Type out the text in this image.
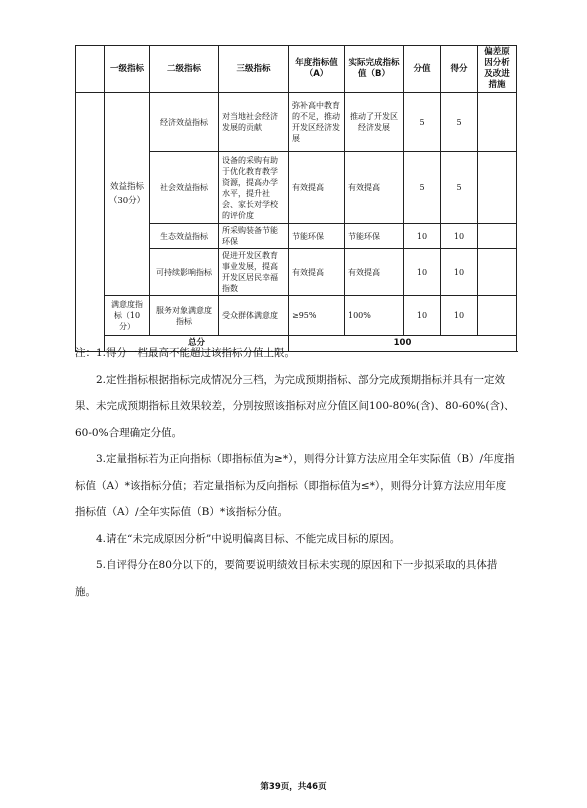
	一级指标	二级指标	三级指标	年度指标值（A）	实际完成指标值（B）	分值	得分	偏差原因分析及改进措施
	效益指标（30分）	经济效益指标	对当地社会经济发展的贡献	弥补高中教育的不足，推动开发区经济发展	推动了开发区经济发展	5	5	
		社会效益指标	设备的采购有助于优化教育教学资源，提高办学水平，提升社会、家长对学校的评价度	有效提高	有效提高	5	5	
		生态效益指标	所采购装备节能环保	节能环保	节能环保	10	10	
		可持续影响指标	促进开发区教育事业发展，提高开发区居民幸福指数	有效提高	有效提高	10	10	
	满意度指标（10分）	服务对象满意度指标	受众群体满意度	≥95%	100%	10	10	
	总分			100				

注：1.得分一档最高不能超过该指标分值上限。

2.定性指标根据指标完成情况分三档，为完成预期指标、部分完成预期指标并具有一定效果、未完成预期指标且效果较差，分别按照该指标对应分值区间100-80%(含)、80-60%(含)、60-0%合理确定分值。

3.定量指标若为正向指标（即指标值为≥*），则得分计算方法应用全年实际值（B）/年度指标值（A）*该指标分值；若定量指标为反向指标（即指标值为≤*），则得分计算方法应用年度指标值（A）/全年实际值（B）*该指标分值。

4.请在“未完成原因分析”中说明偏离目标、不能完成目标的原因。

5.自评得分在80分以下的，要简要说明绩效目标未实现的原因和下一步拟采取的具体措施。

第39页，共46页
